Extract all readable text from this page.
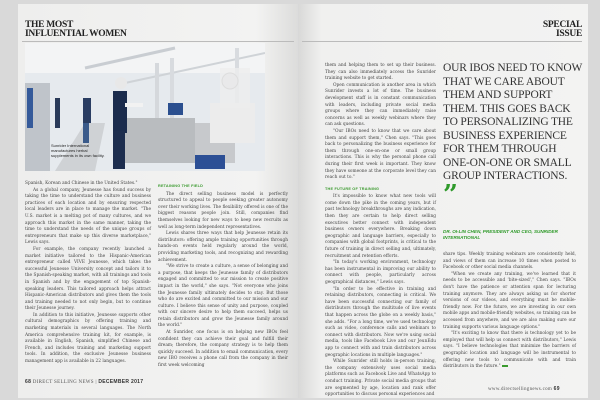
THE MOST
INFLUENTIAL WOMEN
Sunrider International manufactures herbal supplements in its own facility.

Spanish, Korean and Chinese in the United States."

As a global company, Jeunesse has found success by taking the time to understand the culture and business practices of each location and by ensuring respected local leaders are in place to manage the market. "The U.S. market is a melting pot of many cultures, and we approach this market in the same manner, taking the time to understand the needs of the unique groups of entrepreneurs that make up this diverse marketplace," Lewis says.

For example, the company recently launched a market initiative tailored to the Hispanic-American entrepreneur called VIVE Jeunesse, which takes the successful Jeunesse University concept and tailors it to the Spanish-speaking market, with all trainings and tools in Spanish and by the engagement of top Spanish-speaking leaders. This tailored approach helps attract Hispanic-American distributors and gives them the tools and training needed to not only begin, but to continue their Jeunesse journey.

In addition to this initiative, Jeunesse supports other cultural demographics by offering training and marketing materials in several languages. The North America comprehensive training kit, for example, is available in English, Spanish, simplified Chinese and French, and includes training and marketing support tools. In addition, the exclusive Jeunesse business management app is available in 22 languages.

RETAINING THE FIELD

The direct selling business model is perfectly structured to appeal to people seeking greater autonomy over their working lives. The flexibility offered is one of the biggest reasons people join. Still, companies find themselves looking for new ways to keep new recruits as well as long-term independent representatives.

Lewis shares three ways that help Jeunesse retain its distributors: offering ample training opportunities through hands-on events held regularly around the world, providing marketing tools, and recognizing and rewarding achievement.

"We strive to create a culture, a sense of belonging and a purpose, that keeps the Jeunesse family of distributors engaged and committed to our mission to create positive impact in the world," she says. "Not everyone who joins the Jeunesse family ultimately decides to stay. But those who do are excited and committed to our mission and our culture. I believe this sense of unity and purpose, coupled with our sincere desire to help them succeed, helps us retain distributors and grow the Jeunesse family around the world."

At Sunrider, one focus is on helping new IBOs feel confident they can achieve their goal and fulfill their dream; therefore, the company strategy is to help them quickly succeed. In addition to email communication, every new IBO receives a phone call from the company in their first week welcoming

68 DIRECT SELLING NEWS | DECEMBER 2017
SPECIAL
ISSUE

them and helping them to set up their business. They can also immediately access the Sunrider training website to get started.

Open communication is another area in which Sunrider invests a lot of time. The business development staff is in constant communication with leaders, including private social media groups where they can immediately raise concerns as well as weekly webinars where they can ask questions.

"Our IBOs need to know that we care about them and support them," Chen says. "This goes back to personalizing the business experience for them through one-on-one or small group interactions. This is why the personal phone call during their first week is important. They know they have someone at the corporate level they can reach out to."

THE FUTURE OF TRAINING

It's impossible to know what new tools will come down the pike in the coming years, but if past technology breakthroughs are any indication, then they are certain to help direct selling executives better connect with independent business owners everywhere. Breaking down geographic and language barriers, especially to companies with global footprints, is critical to the future of training in direct selling and, ultimately, recruitment and retention efforts.

"In today's working environment, technology has been instrumental in improving our ability to connect with people, particularly across geographical distances," Lewis says.

"In order to be effective in training and retaining distributors, connecting is critical. We have been successful connecting our family of distributors through the multitude of live events that happen across the globe on a weekly basis," she adds. "For a long time, we've used technology such as video, conference calls and webinars to connect with distributors. Now we're using social media, tools like Facebook Live and our JeunEdu app to connect with and train distributors across geographic locations in multiple languages."

While Sunrider still holds in-person training, the company extensively uses social media platforms such as Facebook Live and WhatsApp to conduct training. Private social media groups that are segmented by age, location and rank offer opportunities to discuss personal experiences and

OUR IBOS NEED TO KNOW THAT WE CARE ABOUT THEM AND SUPPORT THEM. THIS GOES BACK TO PERSONALIZING THE BUSINESS EXPERIENCE FOR THEM THROUGH ONE-ON-ONE OR SMALL GROUP INTERACTIONS. ”
DR. OI-LIN CHEN, PRESIDENT AND CEO, SUNRIDER INTERNATIONAL

share tips. Weekly training webinars are consistently held, and views of them can increase 10 times when posted to Facebook or other social media channels.

"When we create any training, we've learned that it needs to be accessible and 'bite-sized'," Chen says. "IBOs don't have the patience or attention span for lecturing training anymore. They are always asking us for shorter versions of our videos, and everything must be mobile-friendly now. For the future, we are investing in our own mobile apps and mobile-friendly websites, so training can be accessed from anywhere, and we are also making sure our training supports various language options."

"It's exciting to know that there is technology yet to be employed that will help us connect with distributors," Lewis says. "I believe technologies that minimize the barriers of geographic location and language will be instrumental to offering new tools to communicate with and train distributors in the future."

www.directsellingnews.com 69
